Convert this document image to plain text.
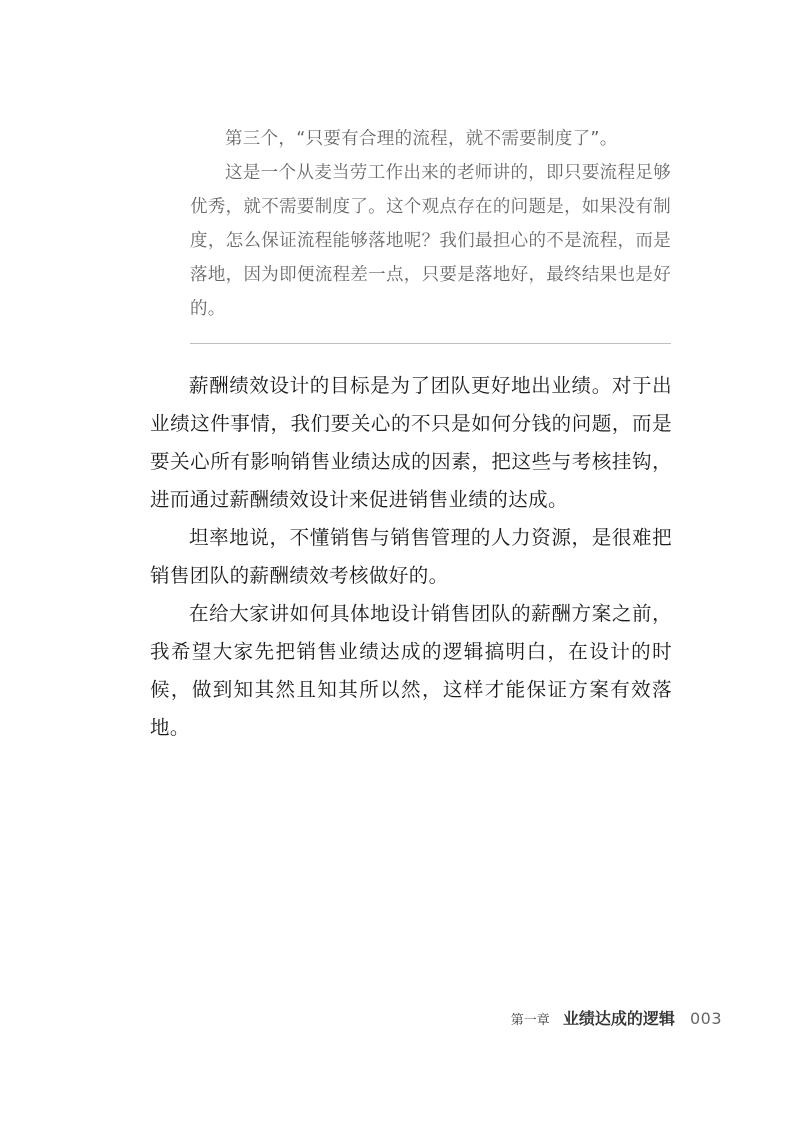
第三个，“只要有合理的流程，就不需要制度了”。

这是一个从麦当劳工作出来的老师讲的，即只要流程足够优秀，就不需要制度了。这个观点存在的问题是，如果没有制度，怎么保证流程能够落地呢？我们最担心的不是流程，而是落地，因为即便流程差一点，只要是落地好，最终结果也是好的。

薪酬绩效设计的目标是为了团队更好地出业绩。对于出业绩这件事情，我们要关心的不只是如何分钱的问题，而是要关心所有影响销售业绩达成的因素，把这些与考核挂钩，进而通过薪酬绩效设计来促进销售业绩的达成。

坦率地说，不懂销售与销售管理的人力资源，是很难把销售团队的薪酬绩效考核做好的。

在给大家讲如何具体地设计销售团队的薪酬方案之前，我希望大家先把销售业绩达成的逻辑搞明白，在设计的时候，做到知其然且知其所以然，这样才能保证方案有效落地。

第一章 业绩达成的逻辑 003
